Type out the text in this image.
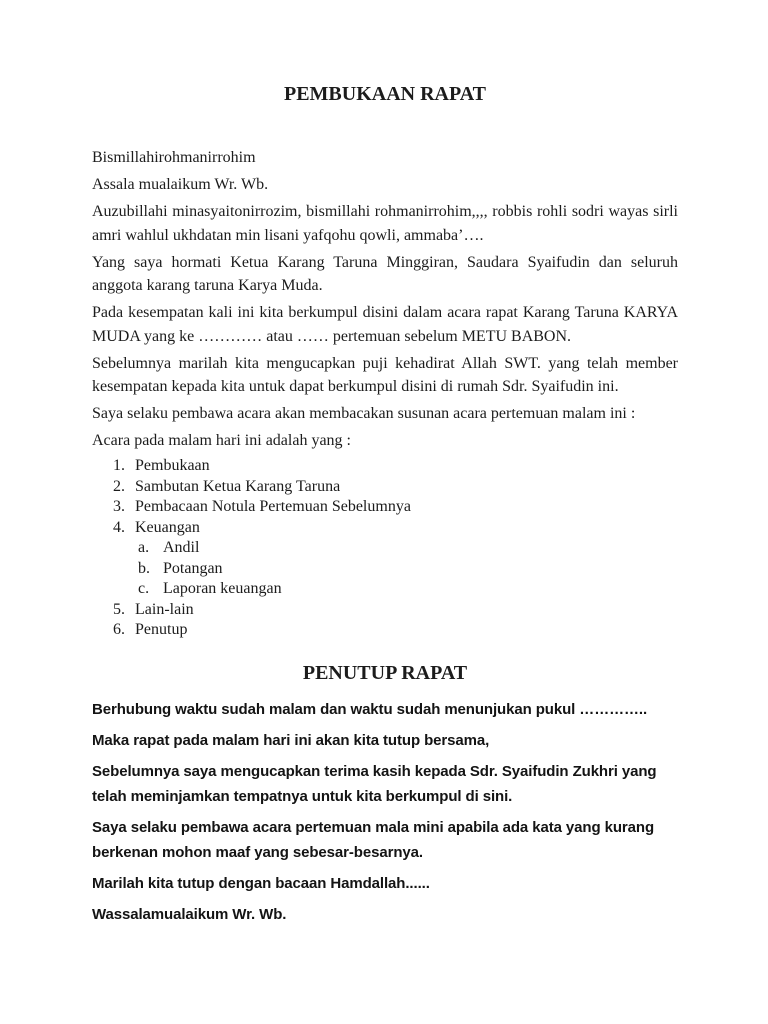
PEMBUKAAN RAPAT

Bismillahirohmanirrohim

Assala mualaikum Wr. Wb.

Auzubillahi minasyaitonirrozim, bismillahi rohmanirrohim,,,, robbis rohli sodri wayas sirli amri wahlul ukhdatan min lisani yafqohu qowli, ammaba’….

Yang saya hormati Ketua Karang Taruna Minggiran, Saudara Syaifudin dan seluruh anggota karang taruna Karya Muda.

Pada kesempatan kali ini kita berkumpul disini dalam acara rapat Karang Taruna KARYA MUDA yang ke ………… atau …… pertemuan sebelum METU BABON.

Sebelumnya marilah kita mengucapkan puji kehadirat Allah SWT. yang telah member kesempatan kepada kita untuk dapat berkumpul disini di rumah Sdr. Syaifudin ini.

Saya selaku pembawa acara akan membacakan susunan acara pertemuan malam ini :

Acara pada malam hari ini adalah yang :

1. Pembukaan
2. Sambutan Ketua Karang Taruna
3. Pembacaan Notula Pertemuan Sebelumnya
4. Keuangan
a. Andil
b. Potangan
c. Laporan keuangan
5. Lain-lain
6. Penutup
PENUTUP RAPAT

Berhubung waktu sudah malam dan waktu sudah menunjukan pukul …………..

Maka rapat pada malam hari ini akan kita tutup bersama,

Sebelumnya saya mengucapkan terima kasih kepada Sdr. Syaifudin Zukhri yang telah meminjamkan tempatnya untuk kita berkumpul di sini.

Saya selaku pembawa acara pertemuan mala mini apabila ada kata yang kurang berkenan mohon maaf yang sebesar-besarnya.

Marilah kita tutup dengan bacaan Hamdallah......

Wassalamualaikum Wr. Wb.
